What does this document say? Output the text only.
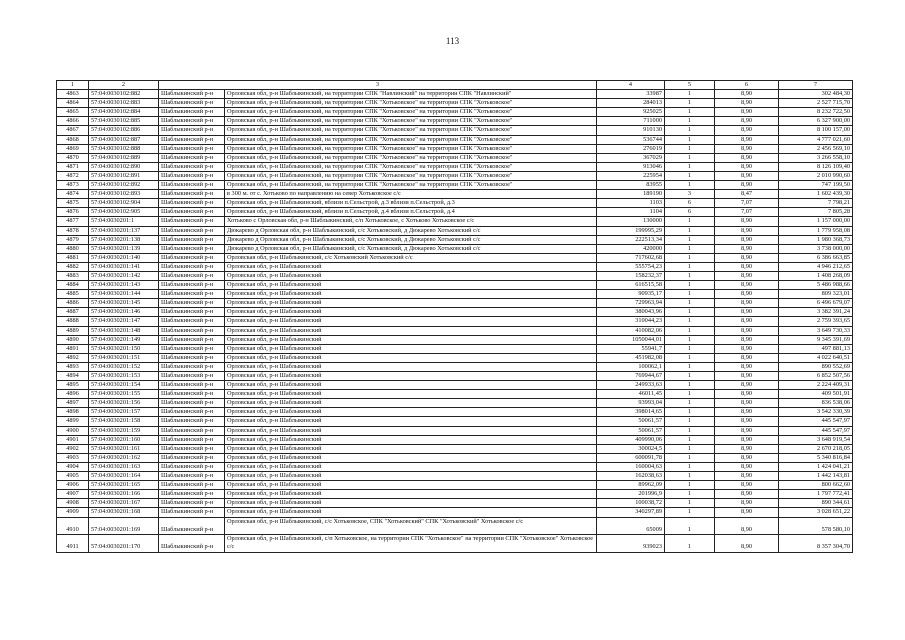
113
1	2	3		4	5	6	7
4863	57:04:0030102:882	Шаблыкинский р-н	Орловская обл, р-н Шаблыкинский, на территории СПК "Навлинский" на территории СПК "Навлинский"	33987	1	8,90	302 484,30
4864	57:04:0030102:883	Шаблыкинский р-н	Орловская обл, р-н Шаблыкинский, на территории СПК "Хотьковское" на территории СПК "Хотьковское"	284013	1	8,90	2 527 715,70
4865	57:04:0030102:884	Шаблыкинский р-н	Орловская обл, р-н Шаблыкинский, на территории СПК "Хотьковское" на территории СПК "Хотьковское"	925025	1	8,90	8 232 722,50
4866	57:04:0030102:885	Шаблыкинский р-н	Орловская обл, р-н Шаблыкинский, на территории СПК "Хотьковское" на территории СПК "Хотьковское"	711000	1	8,90	6 327 900,00
4867	57:04:0030102:886	Шаблыкинский р-н	Орловская обл, р-н Шаблыкинский, на территории СПК "Хотьковское" на территории СПК "Хотьковское"	910130	1	8,90	8 100 157,00
4868	57:04:0030102:887	Шаблыкинский р-н	Орловская обл, р-н Шаблыкинский, на территории СПК "Хотьковское" на территории СПК "Хотьковское"	536744	1	8,90	4 777 021,60
4869	57:04:0030102:888	Шаблыкинский р-н	Орловская обл, р-н Шаблыкинский, на территории СПК "Хотьковское" на территории СПК "Хотьковское"	276019	1	8,90	2 456 569,10
4870	57:04:0030102:889	Шаблыкинский р-н	Орловская обл, р-н Шаблыкинский, на территории СПК "Хотьковское" на территории СПК "Хотьковское"	367029	1	8,90	3 266 558,10
4871	57:04:0030102:890	Шаблыкинский р-н	Орловская обл, р-н Шаблыкинский, на территории СПК "Хотьковское" на территории СПК "Хотьковское"	913046	1	8,90	8 126 109,40
4872	57:04:0030102:891	Шаблыкинский р-н	Орловская обл, р-н Шаблыкинский, на территории СПК "Хотьковское" на территории СПК "Хотьковское"	225954	1	8,90	2 010 990,60
4873	57:04:0030102:892	Шаблыкинский р-н	Орловская обл, р-н Шаблыкинский, на территории СПК "Хотьковское" на территории СПК "Хотьковское"	83955	1	8,90	747 199,50
4874	57:04:0030102:893	Шаблыкинский р-н	в 300 м. от с. Хотьково по направлению на север Хотьковское с/с	189190	3	8,47	1 602 439,30
4875	57:04:0030102:904	Шаблыкинский р-н	Орловская обл, р-н Шаблыкинский, вблизи п.Сельстрой, д.3 вблизи п.Сельстрой, д.3	1103	6	7,07	7 798,21
4876	57:04:0030102:905	Шаблыкинский р-н	Орловская обл, р-н Шаблыкинский, вблизи п.Сельстрой, д.4 вблизи п.Сельстрой, д.4	1104	6	7,07	7 805,28
4877	57:04:0030201:1	Шаблыкинский р-н	Хотьково с Орловская обл, р-н Шаблыкинский, с/п Хотьковское, с Хотьково Хотьковское с/с	130000	1	8,90	1 157 000,00
4878	57:04:0030201:137	Шаблыкинский р-н	Дюкарево д Орловская обл, р-н Шаблыкинский, с/с Хотьковский, д Дюкарево Хотьковский с/с	199995,29	1	8,90	1 779 958,08
4879	57:04:0030201:138	Шаблыкинский р-н	Дюкарево д Орловская обл, р-н Шаблыкинский, с/с Хотьковский, д Дюкарево Хотьковский с/с	222513,34	1	8,90	1 980 368,73
4880	57:04:0030201:139	Шаблыкинский р-н	Дюкарево д Орловская обл, р-н Шаблыкинский, с/с Хотьковский, д Дюкарево Хотьковский с/с	420000	1	8,90	3 738 000,00
4881	57:04:0030201:140	Шаблыкинский р-н	Орловская обл, р-н Шаблыкинский, с/с Хотьковский Хотьковский с/с	717602,68	1	8,90	6 386 663,85
4882	57:04:0030201:141	Шаблыкинский р-н	Орловская обл, р-н Шаблыкинский	555754,23	1	8,90	4 946 212,65
4883	57:04:0030201:142	Шаблыкинский р-н	Орловская обл, р-н Шаблыкинский	158232,37	1	8,90	1 408 268,09
4884	57:04:0030201:143	Шаблыкинский р-н	Орловская обл, р-н Шаблыкинский	616515,58	1	8,90	5 486 988,66
4885	57:04:0030201:144	Шаблыкинский р-н	Орловская обл, р-н Шаблыкинский	90935,17	1	8,90	809 323,01
4886	57:04:0030201:145	Шаблыкинский р-н	Орловская обл, р-н Шаблыкинский	729963,94	1	8,90	6 496 679,07
4887	57:04:0030201:146	Шаблыкинский р-н	Орловская обл, р-н Шаблыкинский	380043,96	1	8,90	3 382 391,24
4888	57:04:0030201:147	Шаблыкинский р-н	Орловская обл, р-н Шаблыкинский	310044,23	1	8,90	2 759 393,65
4889	57:04:0030201:148	Шаблыкинский р-н	Орловская обл, р-н Шаблыкинский	410082,06	1	8,90	3 649 730,33
4890	57:04:0030201:149	Шаблыкинский р-н	Орловская обл, р-н Шаблыкинский	1050044,01	1	8,90	9 345 391,69
4891	57:04:0030201:150	Шаблыкинский р-н	Орловская обл, р-н Шаблыкинский	55941,7	1	8,90	497 881,13
4892	57:04:0030201:151	Шаблыкинский р-н	Орловская обл, р-н Шаблыкинский	451982,08	1	8,90	4 022 640,51
4893	57:04:0030201:152	Шаблыкинский р-н	Орловская обл, р-н Шаблыкинский	100062,1	1	8,90	890 552,69
4894	57:04:0030201:153	Шаблыкинский р-н	Орловская обл, р-н Шаблыкинский	769944,67	1	8,90	6 852 507,56
4895	57:04:0030201:154	Шаблыкинский р-н	Орловская обл, р-н Шаблыкинский	249933,63	1	8,90	2 224 409,31
4896	57:04:0030201:155	Шаблыкинский р-н	Орловская обл, р-н Шаблыкинский	46011,45	1	8,90	409 501,91
4897	57:04:0030201:156	Шаблыкинский р-н	Орловская обл, р-н Шаблыкинский	93993,04	1	8,90	836 538,06
4898	57:04:0030201:157	Шаблыкинский р-н	Орловская обл, р-н Шаблыкинский	398014,65	1	8,90	3 542 330,39
4899	57:04:0030201:158	Шаблыкинский р-н	Орловская обл, р-н Шаблыкинский	50061,57	1	8,90	445 547,97
4900	57:04:0030201:159	Шаблыкинский р-н	Орловская обл, р-н Шаблыкинский	50061,57	1	8,90	445 547,97
4901	57:04:0030201:160	Шаблыкинский р-н	Орловская обл, р-н Шаблыкинский	409990,06	1	8,90	3 648 919,54
4902	57:04:0030201:161	Шаблыкинский р-н	Орловская обл, р-н Шаблыкинский	300024,5	1	8,90	2 670 218,05
4903	57:04:0030201:162	Шаблыкинский р-н	Орловская обл, р-н Шаблыкинский	600091,78	1	8,90	5 340 816,84
4904	57:04:0030201:163	Шаблыкинский р-н	Орловская обл, р-н Шаблыкинский	160004,63	1	8,90	1 424 041,21
4905	57:04:0030201:164	Шаблыкинский р-н	Орловская обл, р-н Шаблыкинский	162038,63	1	8,90	1 442 143,81
4906	57:04:0030201:165	Шаблыкинский р-н	Орловская обл, р-н Шаблыкинский	89962,09	1	8,90	800 662,60
4907	57:04:0030201:166	Шаблыкинский р-н	Орловская обл, р-н Шаблыкинский	201996,9	1	8,90	1 797 772,41
4908	57:04:0030201:167	Шаблыкинский р-н	Орловская обл, р-н Шаблыкинский	100038,72	1	8,90	890 344,61
4909	57:04:0030201:168	Шаблыкинский р-н	Орловская обл, р-н Шаблыкинский	340297,89	1	8,90	3 028 651,22
4910	57:04:0030201:169	Шаблыкинский р-н	Орловская обл, р-н Шаблыкинский, с/с Хотьковское, СПК "Хотьковский" СПК "Хотьковский" Хотьковское с/с	65009	1	8,90	578 580,10
4911	57:04:0030201:170	Шаблыкинский р-н	Орловская обл, р-н Шаблыкинский, с/п Хотьковское, на территории СПК "Хотьковское" на территории СПК "Хотьковское" Хотьковское с/с	939023	1	8,90	8 357 304,70
